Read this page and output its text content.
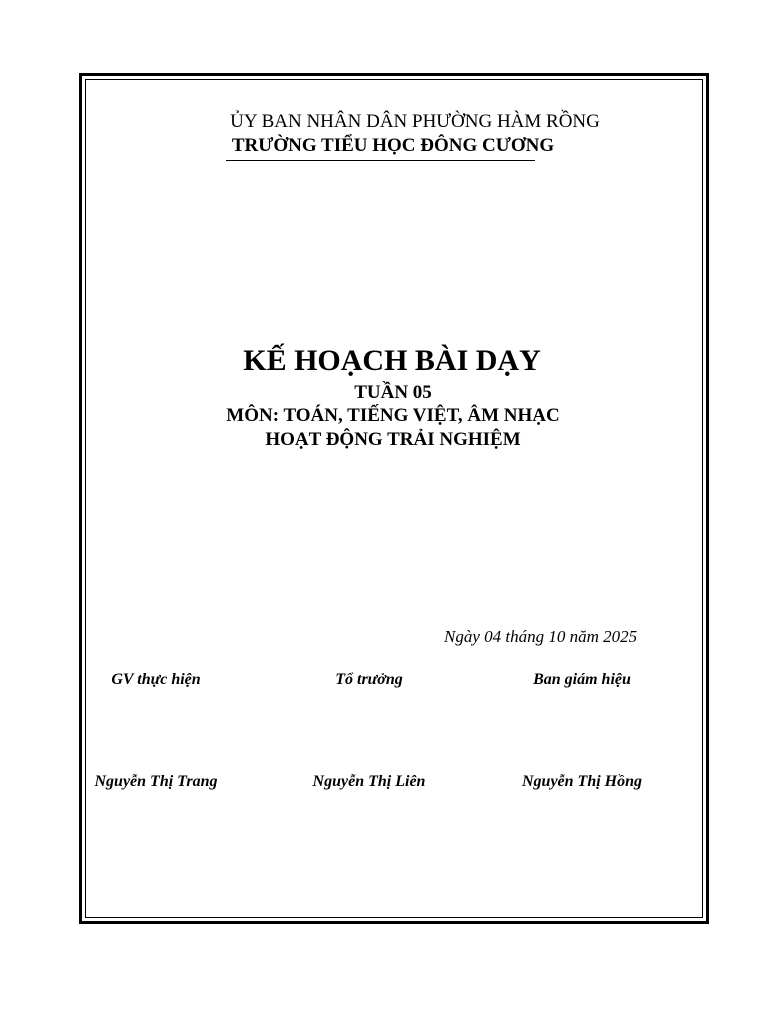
ỦY BAN NHÂN DÂN PHƯỜNG HÀM RỒNG
TRƯỜNG TIỂU HỌC ĐÔNG CƯƠNG
KẾ HOẠCH BÀI DẠY
TUẦN 05
MÔN: TOÁN, TIẾNG VIỆT, ÂM NHẠC
HOẠT ĐỘNG TRẢI NGHIỆM
Ngày 04 tháng 10 năm 2025
GV thực hiện	Tổ trưởng	Ban giám hiệu
Nguyễn Thị Trang	Nguyễn Thị Liên	Nguyễn Thị Hồng
